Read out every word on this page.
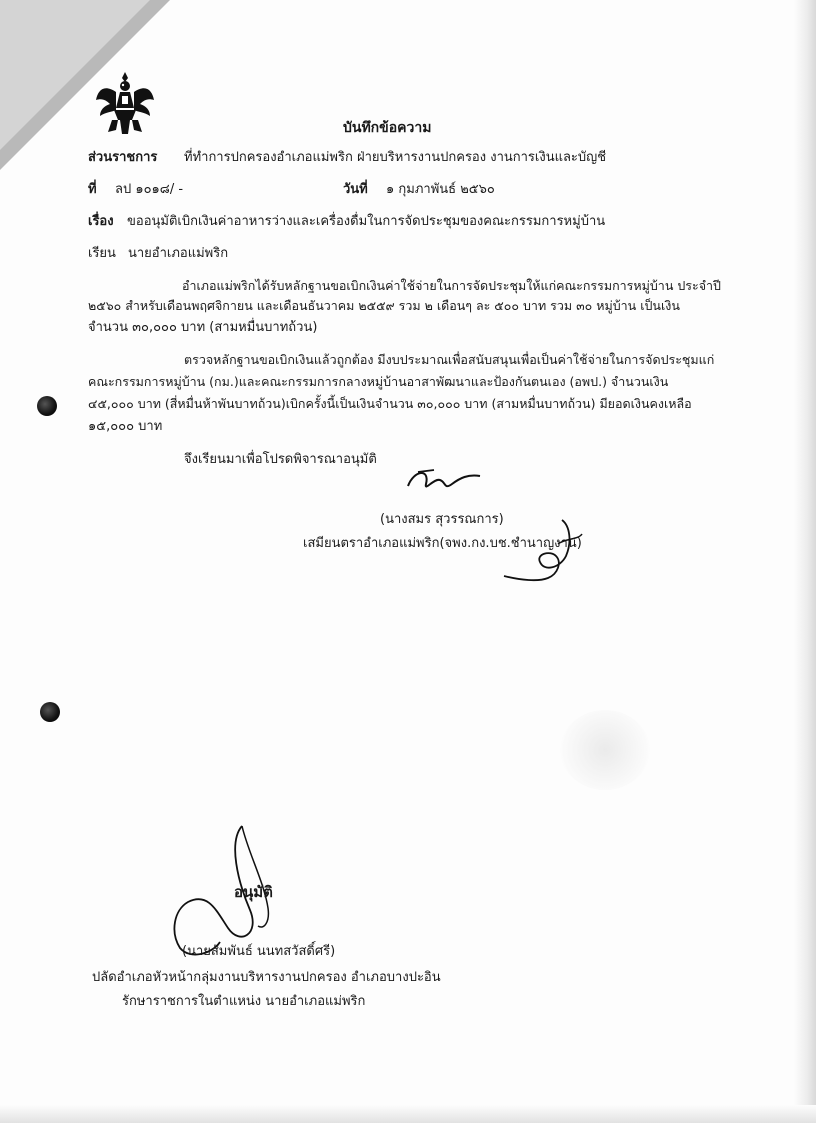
บันทึกข้อความ
ส่วนราชการ ที่ทำการปกครองอำเภอแม่พริก ฝ่ายบริหารงานปกครอง งานการเงินและบัญชี
ที่ ลป ๑๐๑๘/ -	วันที่ ๑ กุมภาพันธ์ ๒๕๖๐
เรื่อง ขออนุมัติเบิกเงินค่าอาหารว่างและเครื่องดื่มในการจัดประชุมของคณะกรรมการหมู่บ้าน
เรียน นายอำเภอแม่พริก
อำเภอแม่พริกได้รับหลักฐานขอเบิกเงินค่าใช้จ่ายในการจัดประชุมให้แก่คณะกรรมการหมู่บ้าน ประจำปี
๒๕๖๐ สำหรับเดือนพฤศจิกายน และเดือนธันวาคม ๒๕๕๙ รวม ๒ เดือนๆ ละ ๕๐๐ บาท รวม ๓๐ หมู่บ้าน เป็นเงิน
จำนวน ๓๐,๐๐๐ บาท (สามหมื่นบาทถ้วน)
ตรวจหลักฐานขอเบิกเงินแล้วถูกต้อง มีงบประมาณเพื่อสนับสนุนเพื่อเป็นค่าใช้จ่ายในการจัดประชุมแก่
คณะกรรมการหมู่บ้าน (กม.)และคณะกรรมการกลางหมู่บ้านอาสาพัฒนาและป้องกันตนเอง (อพป.) จำนวนเงิน
๔๕,๐๐๐ บาท (สี่หมื่นห้าพันบาทถ้วน)เบิกครั้งนี้เป็นเงินจำนวน ๓๐,๐๐๐ บาท (สามหมื่นบาทถ้วน) มียอดเงินคงเหลือ
๑๕,๐๐๐ บาท
จึงเรียนมาเพื่อโปรดพิจารณาอนุมัติ
(นางสมร สุวรรณการ)
เสมียนตราอำเภอแม่พริก(จพง.กง.บช.ชำนาญงาน)
อนุมัติ
(นายสัมพันธ์ นนทสวัสดิ์ศรี)
ปลัดอำเภอหัวหน้ากลุ่มงานบริหารงานปกครอง อำเภอบางปะอิน
รักษาราชการในตำแหน่ง นายอำเภอแม่พริก
